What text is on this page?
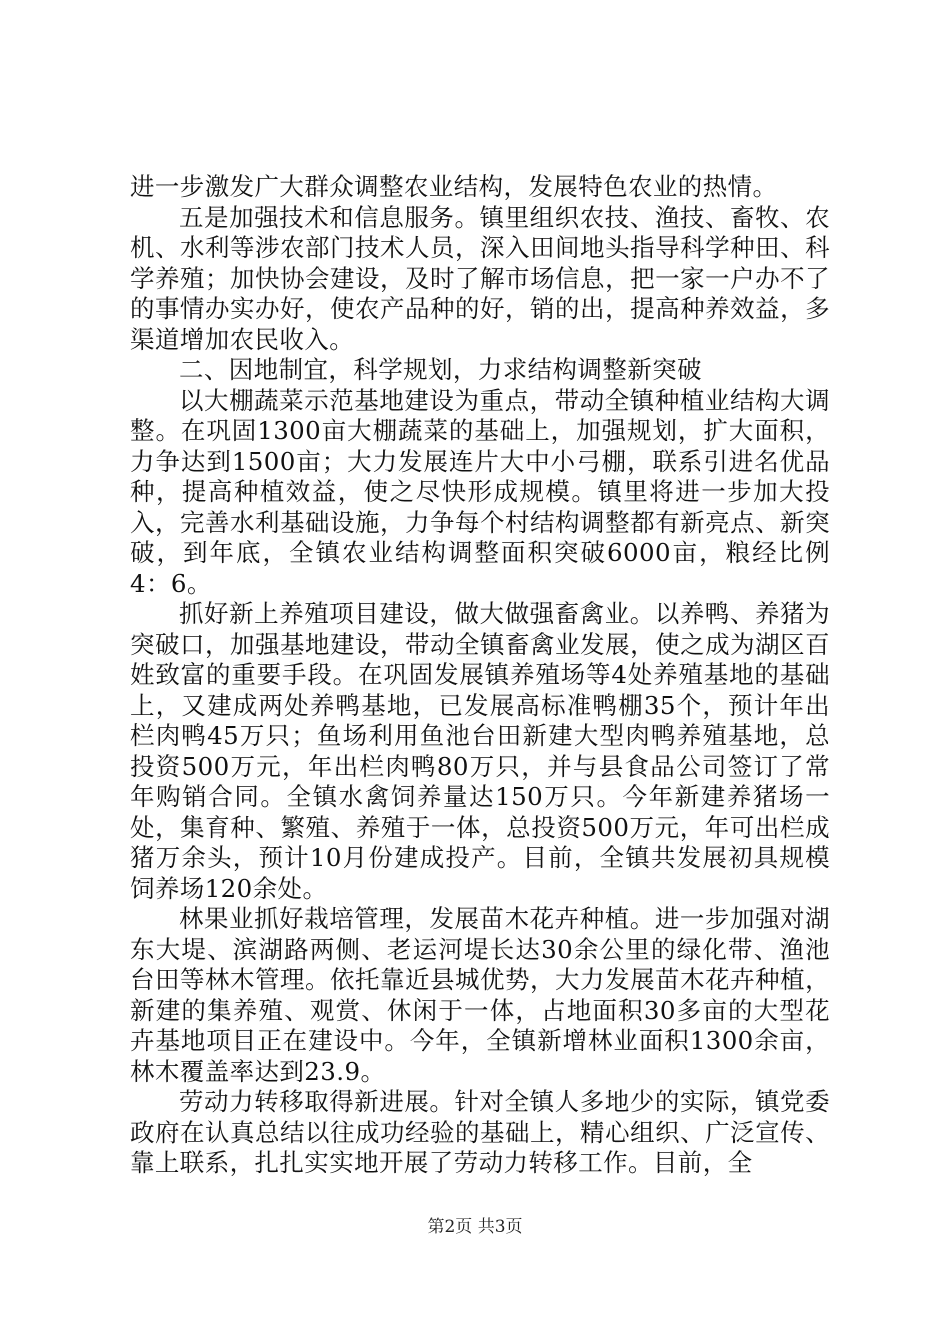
进一步激发广大群众调整农业结构，发展特色农业的热情。

五是加强技术和信息服务。镇里组织农技、渔技、畜牧、农机、水利等涉农部门技术人员，深入田间地头指导科学种田、科学养殖；加快协会建设，及时了解市场信息，把一家一户办不了的事情办实办好，使农产品种的好，销的出，提高种养效益，多渠道增加农民收入。

二、因地制宜，科学规划，力求结构调整新突破

以大棚蔬菜示范基地建设为重点，带动全镇种植业结构大调整。在巩固1300亩大棚蔬菜的基础上，加强规划，扩大面积，力争达到1500亩；大力发展连片大中小弓棚，联系引进名优品种，提高种植效益，使之尽快形成规模。镇里将进一步加大投入，完善水利基础设施，力争每个村结构调整都有新亮点、新突破，到年底，全镇农业结构调整面积突破6000亩，粮经比例4：6。

抓好新上养殖项目建设，做大做强畜禽业。以养鸭、养猪为突破口，加强基地建设，带动全镇畜禽业发展，使之成为湖区百姓致富的重要手段。在巩固发展镇养殖场等4处养殖基地的基础上，又建成两处养鸭基地，已发展高标准鸭棚35个，预计年出栏肉鸭45万只；鱼场利用鱼池台田新建大型肉鸭养殖基地，总投资500万元，年出栏肉鸭80万只，并与县食品公司签订了常年购销合同。全镇水禽饲养量达150万只。今年新建养猪场一处，集育种、繁殖、养殖于一体，总投资500万元，年可出栏成猪万余头，预计10月份建成投产。目前，全镇共发展初具规模饲养场120余处。

林果业抓好栽培管理，发展苗木花卉种植。进一步加强对湖东大堤、滨湖路两侧、老运河堤长达30余公里的绿化带、渔池台田等林木管理。依托靠近县城优势，大力发展苗木花卉种植，新建的集养殖、观赏、休闲于一体，占地面积30多亩的大型花卉基地项目正在建设中。今年，全镇新增林业面积1300余亩，林木覆盖率达到23.9。

劳动力转移取得新进展。针对全镇人多地少的实际，镇党委政府在认真总结以往成功经验的基础上，精心组织、广泛宣传、靠上联系，扎扎实实地开展了劳动力转移工作。目前，全

第2页 共3页
